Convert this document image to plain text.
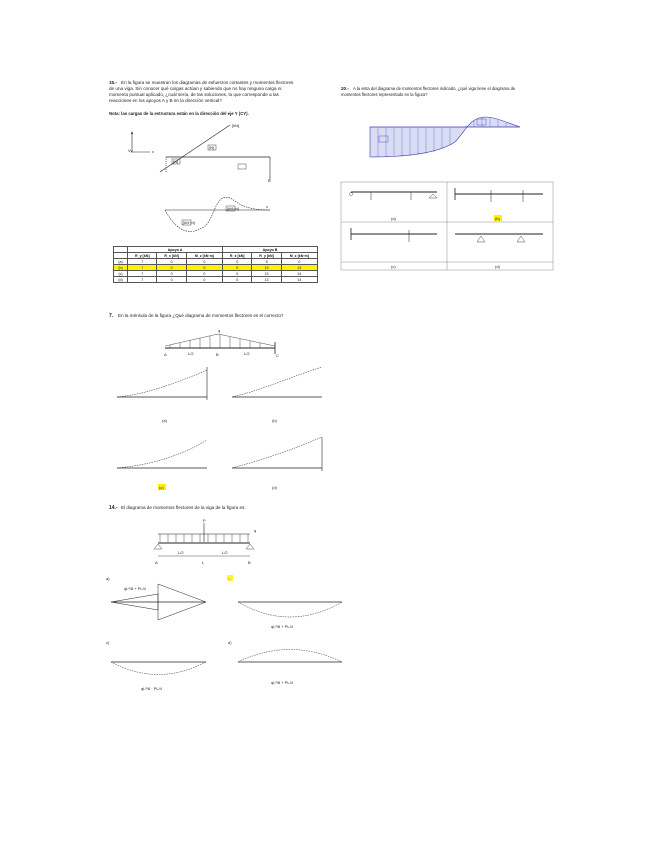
15.- En la figura se muestran los diagramas de esfuerzos cortantes y momentos flectores
de una viga. Sin conocer qué cargas actúan y sabiendo que no hay ninguna carga ni
momento puntual aplicado, ¿cuál sería, de las soluciones, la que corresponde a las
reacciones en los apoyos A y B en la dirección vertical?
Nota: las cargas de la estructura están en la dirección del eje Y (CY).
Vy
[kN]
[N]
[N]
B
x
x
[kN·m]
[kN·m]
	Apoyo A			Apoyo B		
	R_y [kN]	R_x [kN]	M_z [kN·m]	R_x [kN]	R_y [kN]	M_z [kN·m]
(a)	7	0	0	0	5	0
(b)	7	0	0	0	13	14
(c)	7	0	0	0	13	14
(d)	7	0	0	0	13	14
20.- A la vista del diagrama de momentos flectores indicado, ¿qué viga tiene el diagrama de
momentos flectores representado en la figura?
(a)	(b)
(c)	(d)
7. En la ménsula de la figura ¿Qué diagrama de momentos flectores es el correcto?
A	B	C
L/2	L/2
q
(a)	(b)
(c)	(d)
14.- El diagrama de momentos flectores de la viga de la figura es:
P
A	B
L
L/2	L/2
q
a)
qL²/8 + PL/4
qL²/8 + PL/4
c)
qL²/8 · PL/4
d)
qL²/8 + PL/4
